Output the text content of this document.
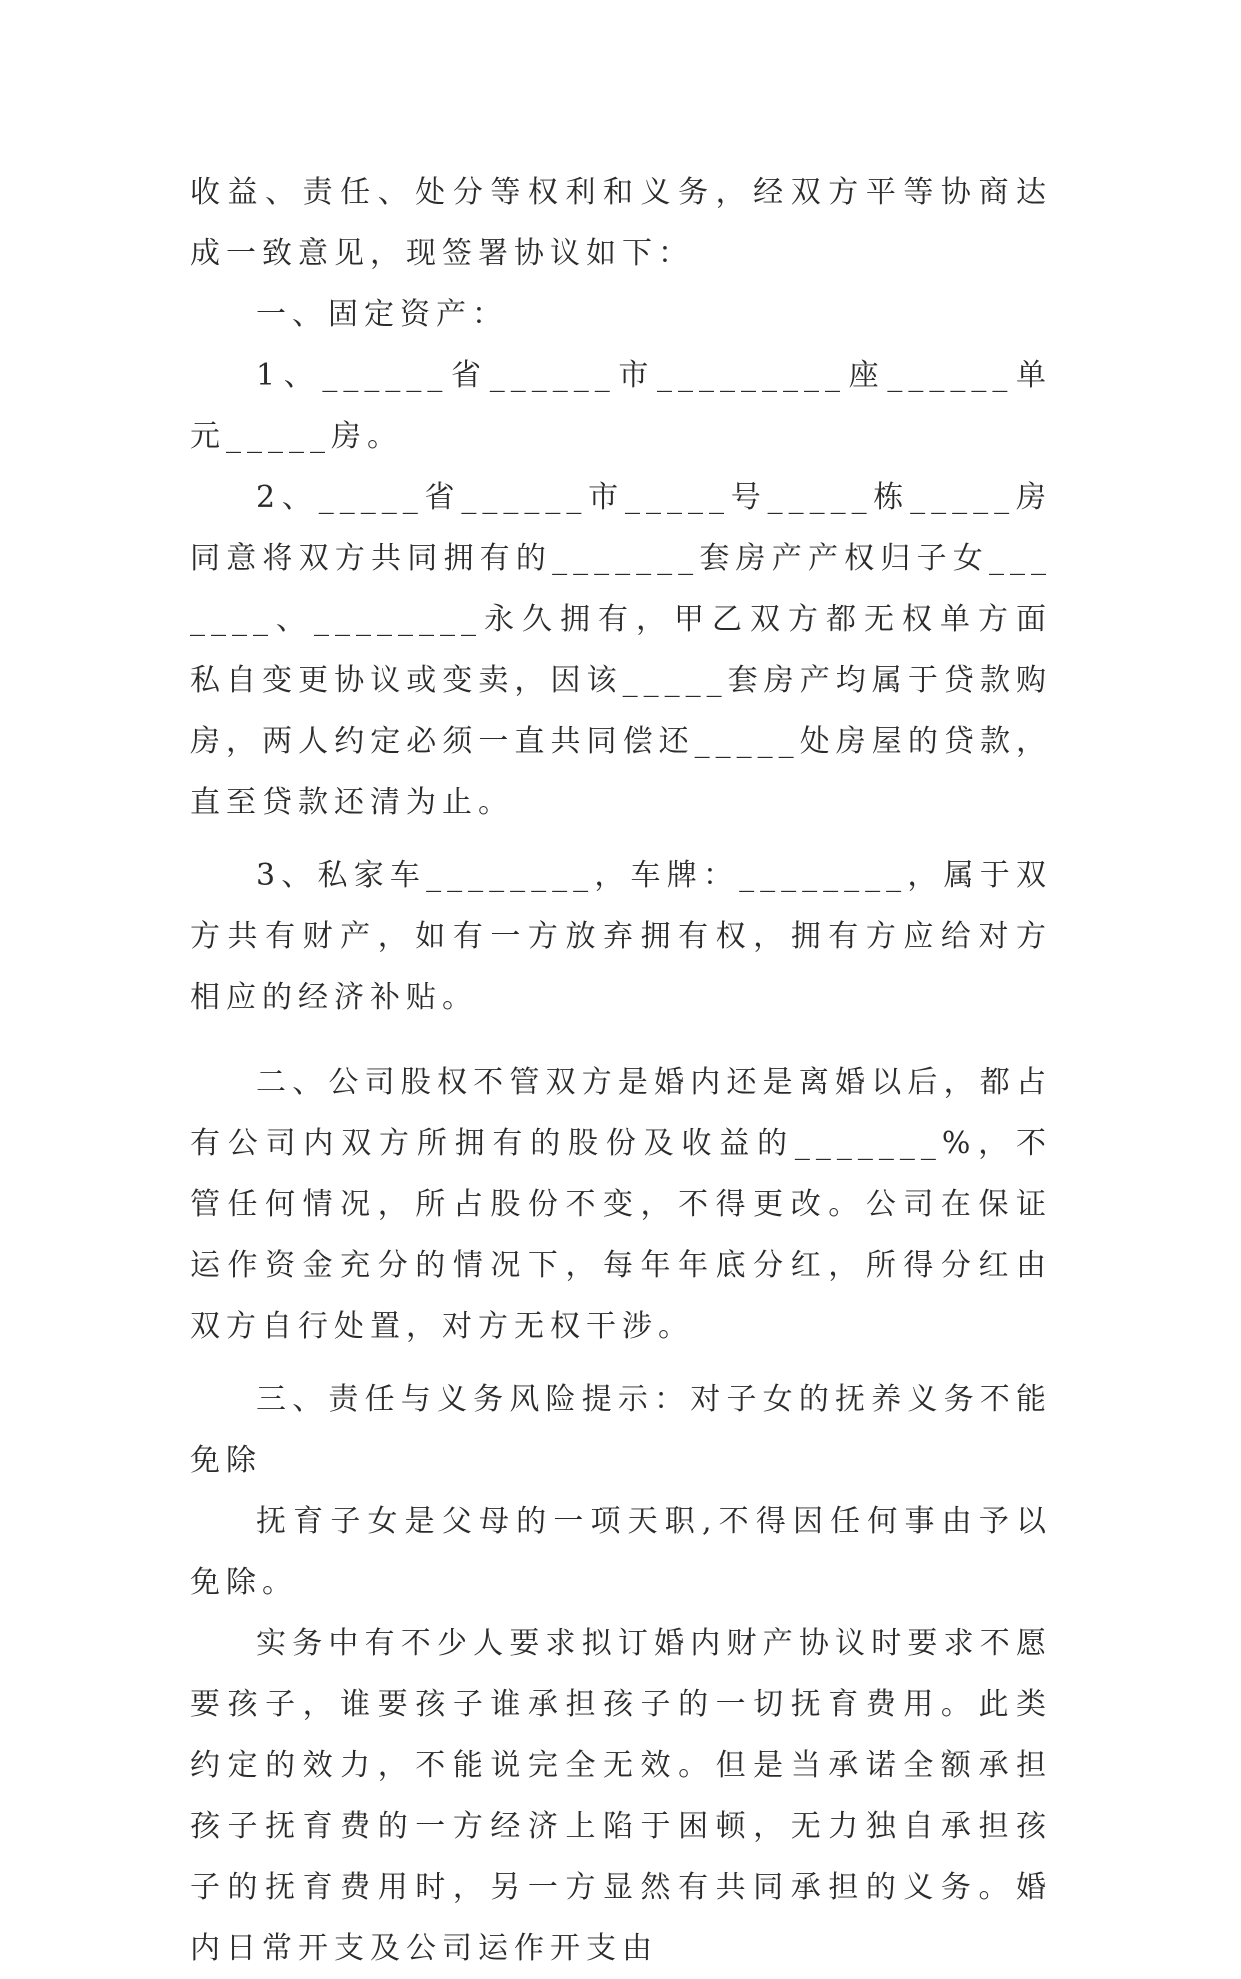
收益、责任、处分等权利和义务，经双方平等协商达成一致意见，现签署协议如下：

一、固定资产：

1、______省______市_________座______单元_____房。

2、_____省______市_____号_____栋_____房同意将双方共同拥有的_______套房产产权归子女_______、________永久拥有，甲乙双方都无权单方面私自变更协议或变卖，因该_____套房产均属于贷款购房，两人约定必须一直共同偿还_____处房屋的贷款，直至贷款还清为止。

3、私家车________，车牌：________，属于双方共有财产，如有一方放弃拥有权，拥有方应给对方相应的经济补贴。

二、公司股权不管双方是婚内还是离婚以后，都占有公司内双方所拥有的股份及收益的_______%，不管任何情况，所占股份不变，不得更改。公司在保证运作资金充分的情况下，每年年底分红，所得分红由双方自行处置，对方无权干涉。

三、责任与义务风险提示：对子女的抚养义务不能免除

抚育子女是父母的一项天职,不得因任何事由予以免除。

实务中有不少人要求拟订婚内财产协议时要求不愿要孩子，谁要孩子谁承担孩子的一切抚育费用。此类约定的效力，不能说完全无效。但是当承诺全额承担孩子抚育费的一方经济上陷于困顿，无力独自承担孩子的抚育费用时，另一方显然有共同承担的义务。婚内日常开支及公司运作开支由
